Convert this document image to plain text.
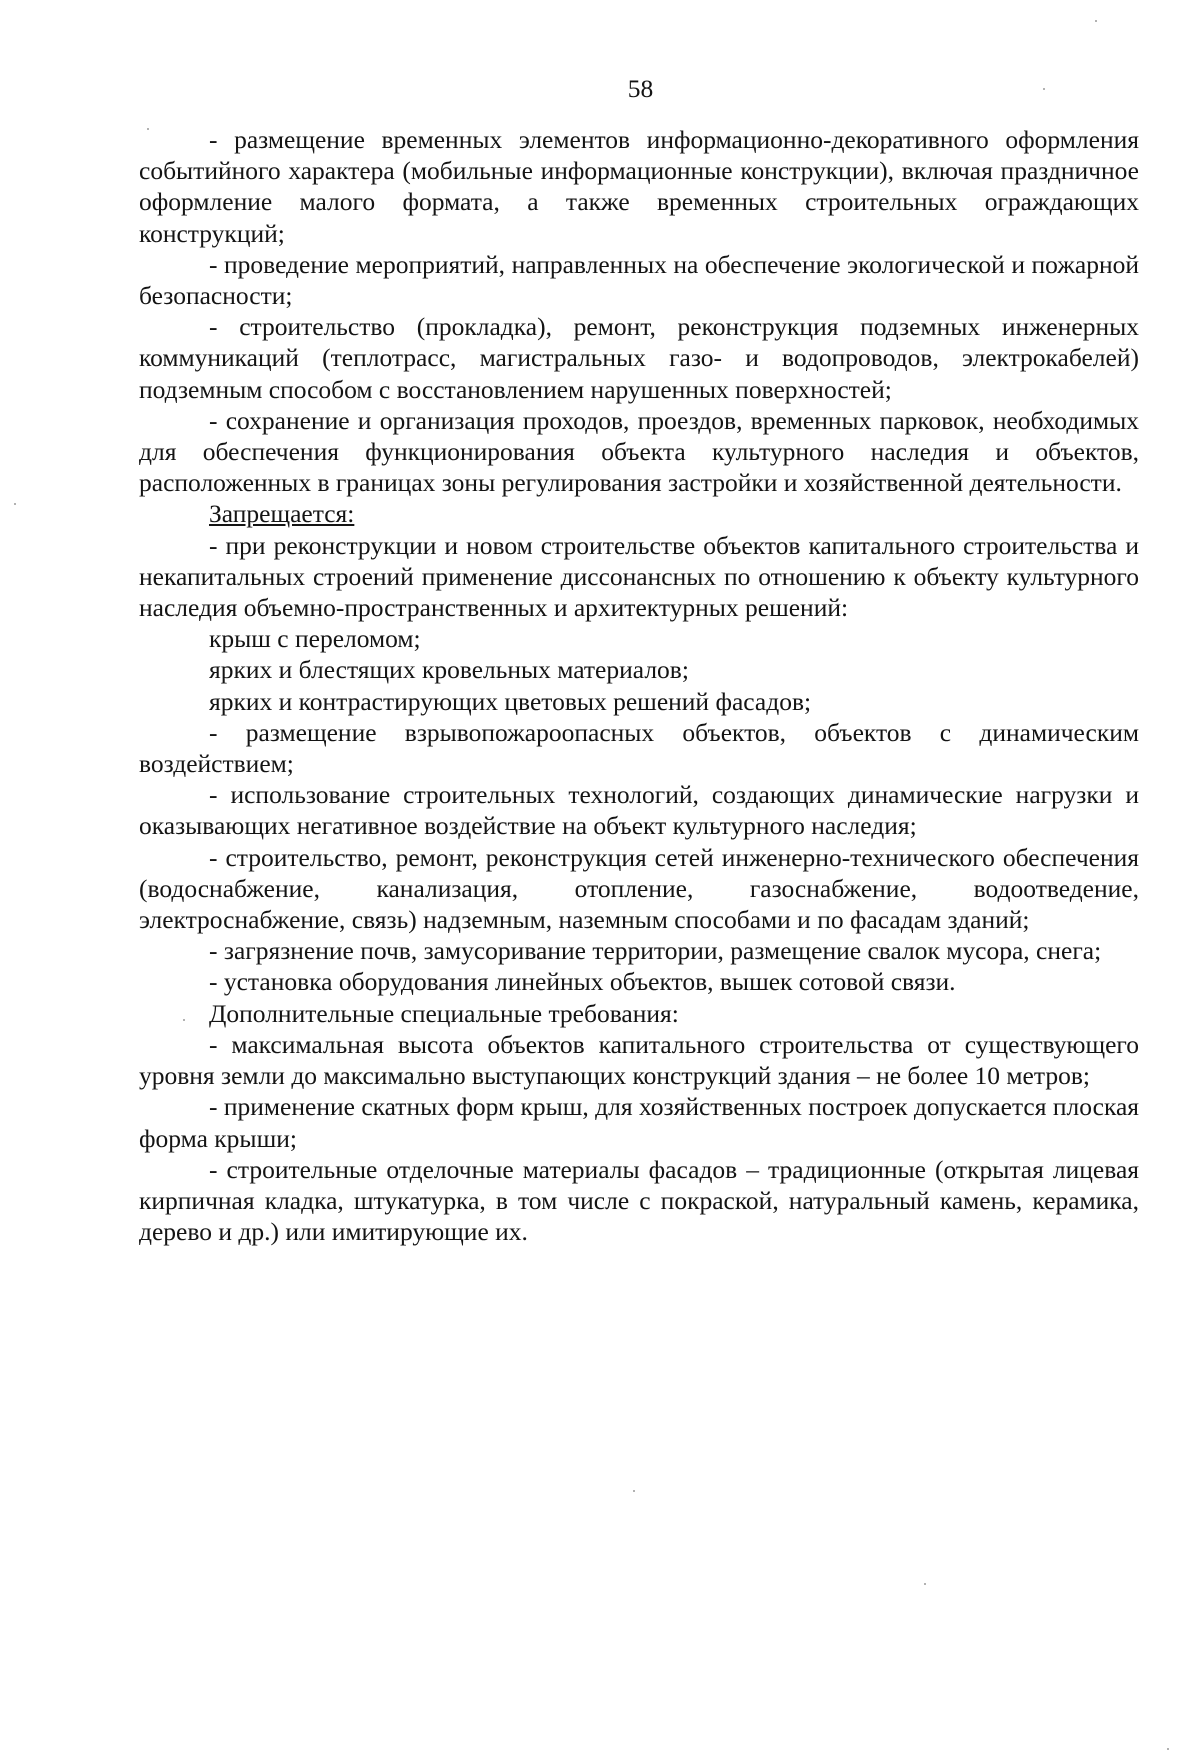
58

- размещение временных элементов информационно-декоративного оформления событийного характера (мобильные информационные конструкции), включая праздничное оформление малого формата, а также временных строительных ограждающих конструкций;

- проведение мероприятий, направленных на обеспечение экологической и пожарной безопасности;

- строительство (прокладка), ремонт, реконструкция подземных инженерных коммуникаций (теплотрасс, магистральных газо- и водопроводов, электрокабелей) подземным способом с восстановлением нарушенных поверхностей;

- сохранение и организация проходов, проездов, временных парковок, необходимых для обеспечения функционирования объекта культурного наследия и объектов, расположенных в границах зоны регулирования застройки и хозяйственной деятельности.

Запрещается:

- при реконструкции и новом строительстве объектов капитального строительства и некапитальных строений применение диссонансных по отношению к объекту культурного наследия объемно-пространственных и архитектурных решений:

крыш с переломом;

ярких и блестящих кровельных материалов;

ярких и контрастирующих цветовых решений фасадов;

- размещение взрывопожароопасных объектов, объектов с динамическим воздействием;

- использование строительных технологий, создающих динамические нагрузки и оказывающих негативное воздействие на объект культурного наследия;

- строительство, ремонт, реконструкция сетей инженерно-технического обеспечения (водоснабжение, канализация, отопление, газоснабжение, водоотведение, электроснабжение, связь) надземным, наземным способами и по фасадам зданий;

- загрязнение почв, замусоривание территории, размещение свалок мусора, снега;

- установка оборудования линейных объектов, вышек сотовой связи.

Дополнительные специальные требования:

- максимальная высота объектов капитального строительства от существующего уровня земли до максимально выступающих конструкций здания – не более 10 метров;

- применение скатных форм крыш, для хозяйственных построек допускается плоская форма крыши;

- строительные отделочные материалы фасадов – традиционные (открытая лицевая кирпичная кладка, штукатурка, в том числе с покраской, натуральный камень, керамика, дерево и др.) или имитирующие их.
